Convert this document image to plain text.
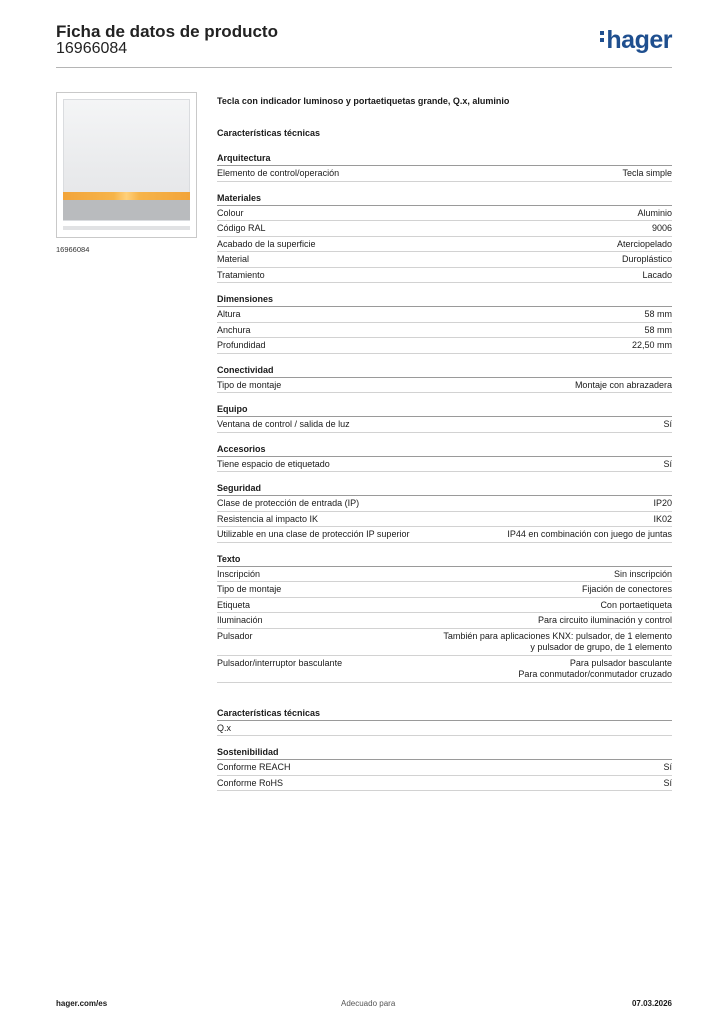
Ficha de datos de producto
16966084	hager
16966084
Tecla con indicador luminoso y portaetiquetas grande, Q.x, aluminio
Características técnicas
Arquitectura
Elemento de control/operación	Tecla simple
Materiales
Colour	Aluminio
Código RAL	9006
Acabado de la superficie	Aterciopelado
Material	Duroplástico
Tratamiento	Lacado
Dimensiones
Altura	58 mm
Anchura	58 mm
Profundidad	22,50 mm
Conectividad
Tipo de montaje	Montaje con abrazadera
Equipo
Ventana de control / salida de luz	Sí
Accesorios
Tiene espacio de etiquetado	Sí
Seguridad
Clase de protección de entrada (IP)	IP20
Resistencia al impacto IK	IK02
Utilizable en una clase de protección IP superior	IP44 en combinación con juego de juntas
Texto
Inscripción	Sin inscripción
Tipo de montaje	Fijación de conectores
Etiqueta	Con portaetiqueta
Iluminación	Para circuito iluminación y control
Pulsador	También para aplicaciones KNX: pulsador, de 1 elemento
y pulsador de grupo, de 1 elemento
Pulsador/interruptor basculante	Para pulsador basculante
Para conmutador/conmutador cruzado
Características técnicas
Q.x
Sostenibilidad
Conforme REACH	Sí
Conforme RoHS	Sí
hager.com/es	Adecuado para	07.03.2026
